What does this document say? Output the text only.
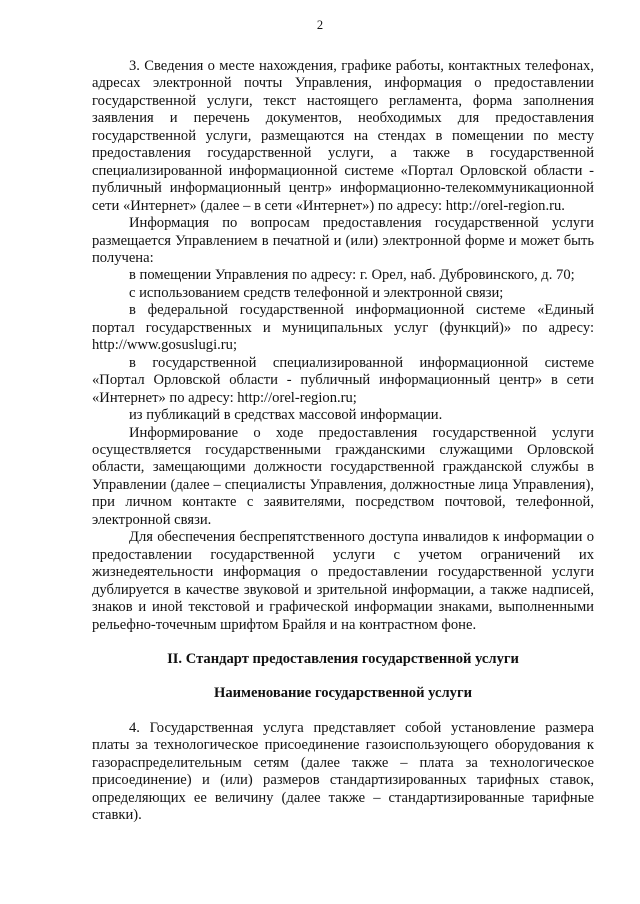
2

3. Сведения о месте нахождения, графике работы, контактных телефонах, адресах электронной почты Управления, информация о предоставлении государственной услуги, текст настоящего регламента, форма заполнения заявления и перечень документов, необходимых для предоставления государственной услуги, размещаются на стендах в помещении по месту предоставления государственной услуги, а также в государственной специализированной информационной системе «Портал Орловской области - публичный информационный центр» информационно-телекоммуникационной сети «Интернет» (далее – в сети «Интернет») по адресу: http://orel-region.ru.

Информация по вопросам предоставления государственной услуги размещается Управлением в печатной и (или) электронной форме и может быть получена:

в помещении Управления по адресу: г. Орел, наб. Дубровинского, д. 70;

с использованием средств телефонной и электронной связи;

в федеральной государственной информационной системе «Единый портал государственных и муниципальных услуг (функций)» по адресу: http://www.gosuslugi.ru;

в государственной специализированной информационной системе «Портал Орловской области - публичный информационный центр» в сети «Интернет» по адресу: http://orel-region.ru;

из публикаций в средствах массовой информации.

Информирование о ходе предоставления государственной услуги осуществляется государственными гражданскими служащими Орловской области, замещающими должности государственной гражданской службы в Управлении (далее – специалисты Управления, должностные лица Управления), при личном контакте с заявителями, посредством почтовой, телефонной, электронной связи.

Для обеспечения беспрепятственного доступа инвалидов к информации о предоставлении государственной услуги с учетом ограничений их жизнедеятельности информация о предоставлении государственной услуги дублируется в качестве звуковой и зрительной информации, а также надписей, знаков и иной текстовой и графической информации знаками, выполненными рельефно-точечным шрифтом Брайля и на контрастном фоне.

II. Стандарт предоставления государственной услуги

Наименование государственной услуги

4. Государственная услуга представляет собой установление размера платы за технологическое присоединение газоиспользующего оборудования к газораспределительным сетям (далее также – плата за технологическое присоединение) и (или) размеров стандартизированных тарифных ставок, определяющих ее величину (далее также – стандартизированные тарифные ставки).
